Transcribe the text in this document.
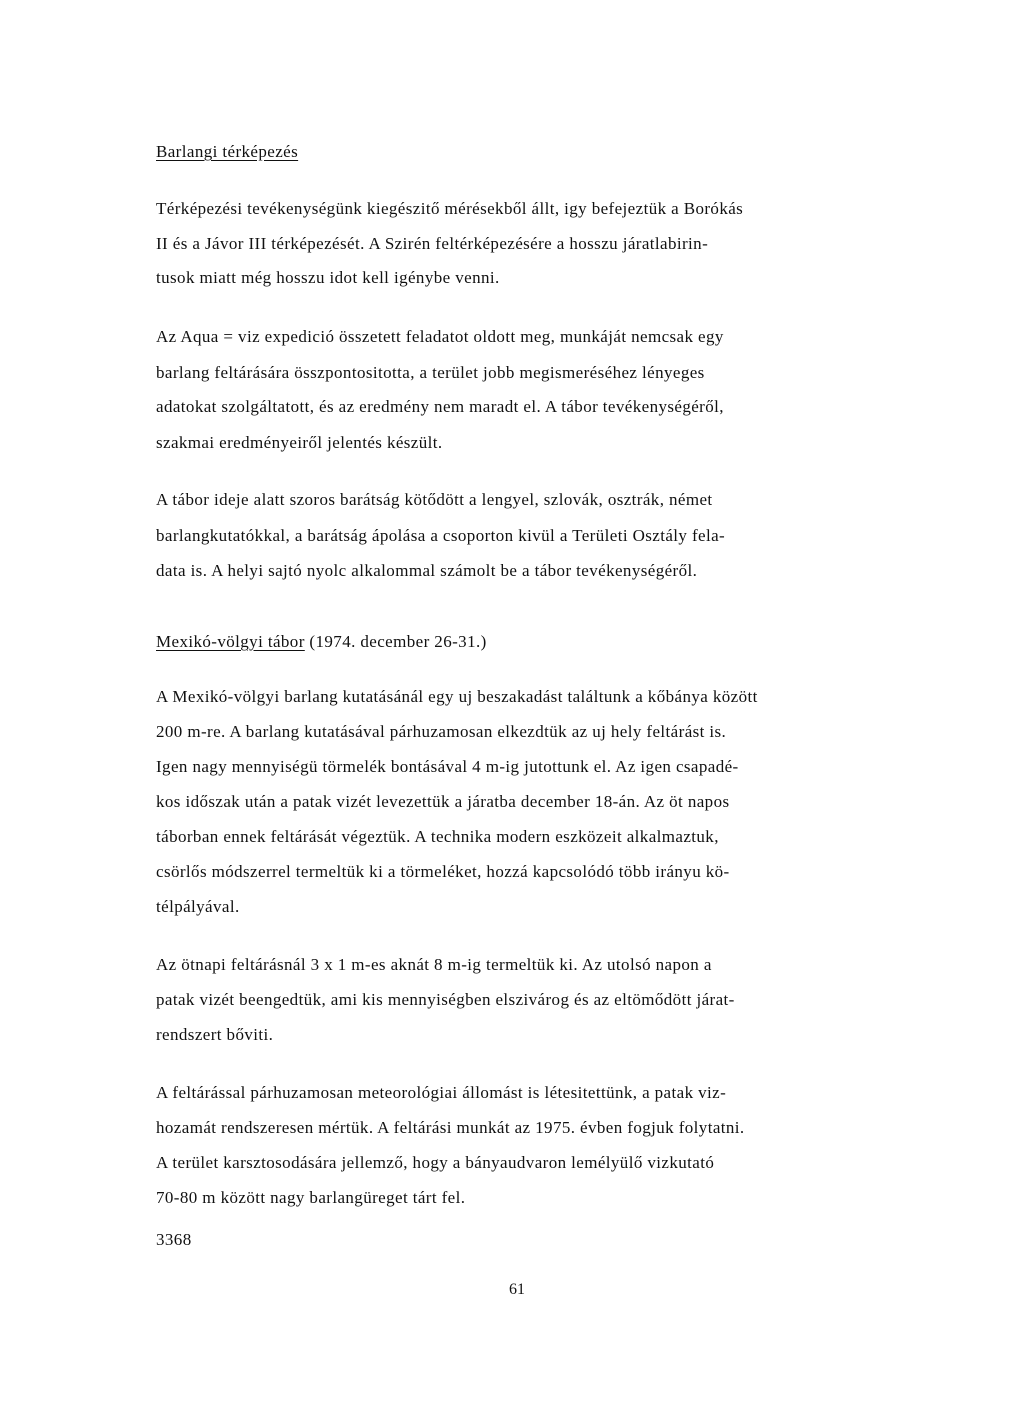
Barlangi térképezés
Térképezési tevékenységünk kiegészitő mérésekből állt, igy befejeztük a Borókás
II és a Jávor III térképezését. A Szirén feltérképezésére a hosszu járatlabirin-
tusok miatt még hosszu idot kell igénybe venni.
Az Aqua = viz expedició összetett feladatot oldott meg, munkáját nemcsak egy
barlang feltárására összpontositotta, a terület jobb megismeréséhez lényeges
adatokat szolgáltatott, és az eredmény nem maradt el. A tábor tevékenységéről,
szakmai eredményeiről jelentés készült.
A tábor ideje alatt szoros barátság kötődött a lengyel, szlovák, osztrák, német
barlangkutatókkal, a barátság ápolása a csoporton kivül a Területi Osztály fela-
data is. A helyi sajtó nyolc alkalommal számolt be a tábor tevékenységéről.
Mexikó-völgyi tábor (1974. december 26-31.)
A Mexikó-völgyi barlang kutatásánál egy uj beszakadást találtunk a kőbánya között
200 m-re. A barlang kutatásával párhuzamosan elkezdtük az uj hely feltárást is.
Igen nagy mennyiségü törmelék bontásával 4 m-ig jutottunk el. Az igen csapadé-
kos időszak után a patak vizét levezettük a járatba december 18-án. Az öt napos
táborban ennek feltárását végeztük. A technika modern eszközeit alkalmaztuk,
csörlős módszerrel termeltük ki a törmeléket, hozzá kapcsolódó több irányu kö-
télpályával.
Az ötnapi feltárásnál 3 x 1 m-es aknát 8 m-ig termeltük ki. Az utolsó napon a
patak vizét beengedtük, ami kis mennyiségben elszivárog és az eltömődött járat-
rendszert bőviti.
A feltárással párhuzamosan meteorológiai állomást is létesitettünk, a patak viz-
hozamát rendszeresen mértük. A feltárási munkát az 1975. évben fogjuk folytatni.
A terület karsztosodására jellemző, hogy a bányaudvaron lemélyülő vizkutató
70-80 m között nagy barlangüreget tárt fel.
3368
61
